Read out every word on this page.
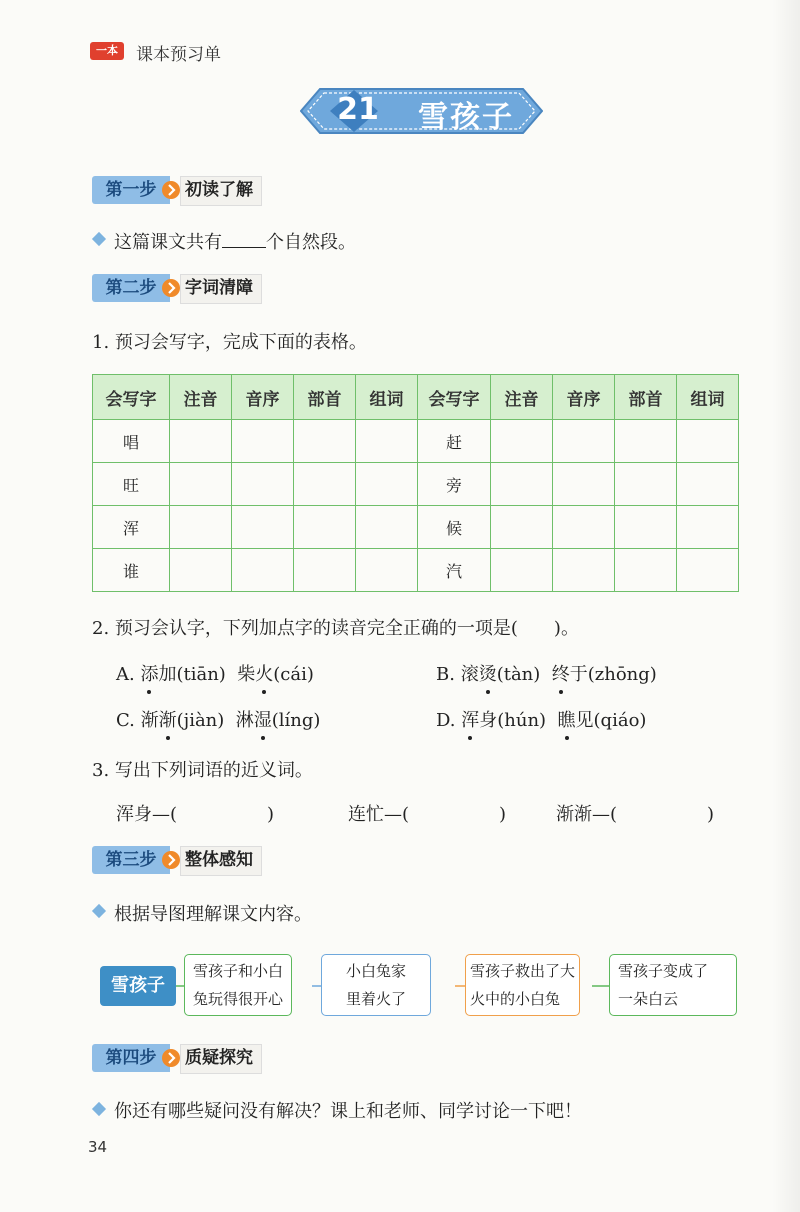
一本	课本预习单
21 雪孩子
第一步	初读了解
这篇课文共有 个自然段。
第二步	字词清障
1. 预习会写字，完成下面的表格。
会写字	注音	音序	部首	组词	会写字	注音	音序	部首	组词
唱					赶				
旺					旁				
浑					候				
谁					汽				
2. 预习会认字，下列加点字的读音完全正确的一项是(　　)。
A. 添加(tiān) 柴火(cái)	B. 滚烫(tàn) 终于(zhōng)
C. 渐渐(jiàn) 淋湿(líng)	D. 浑身(hún) 瞧见(qiáo)
3. 写出下列词语的近义词。
浑身—(　　　　　)	连忙—(　　　　　)	渐渐—(　　　　　)
第三步	整体感知
根据导图理解课文内容。
雪孩子
雪孩子和小白
兔玩得很开心
小白兔家
里着火了
雪孩子救出了大
火中的小白兔
雪孩子变成了
一朵白云
第四步	质疑探究
你还有哪些疑问没有解决？课上和老师、同学讨论一下吧！
34
